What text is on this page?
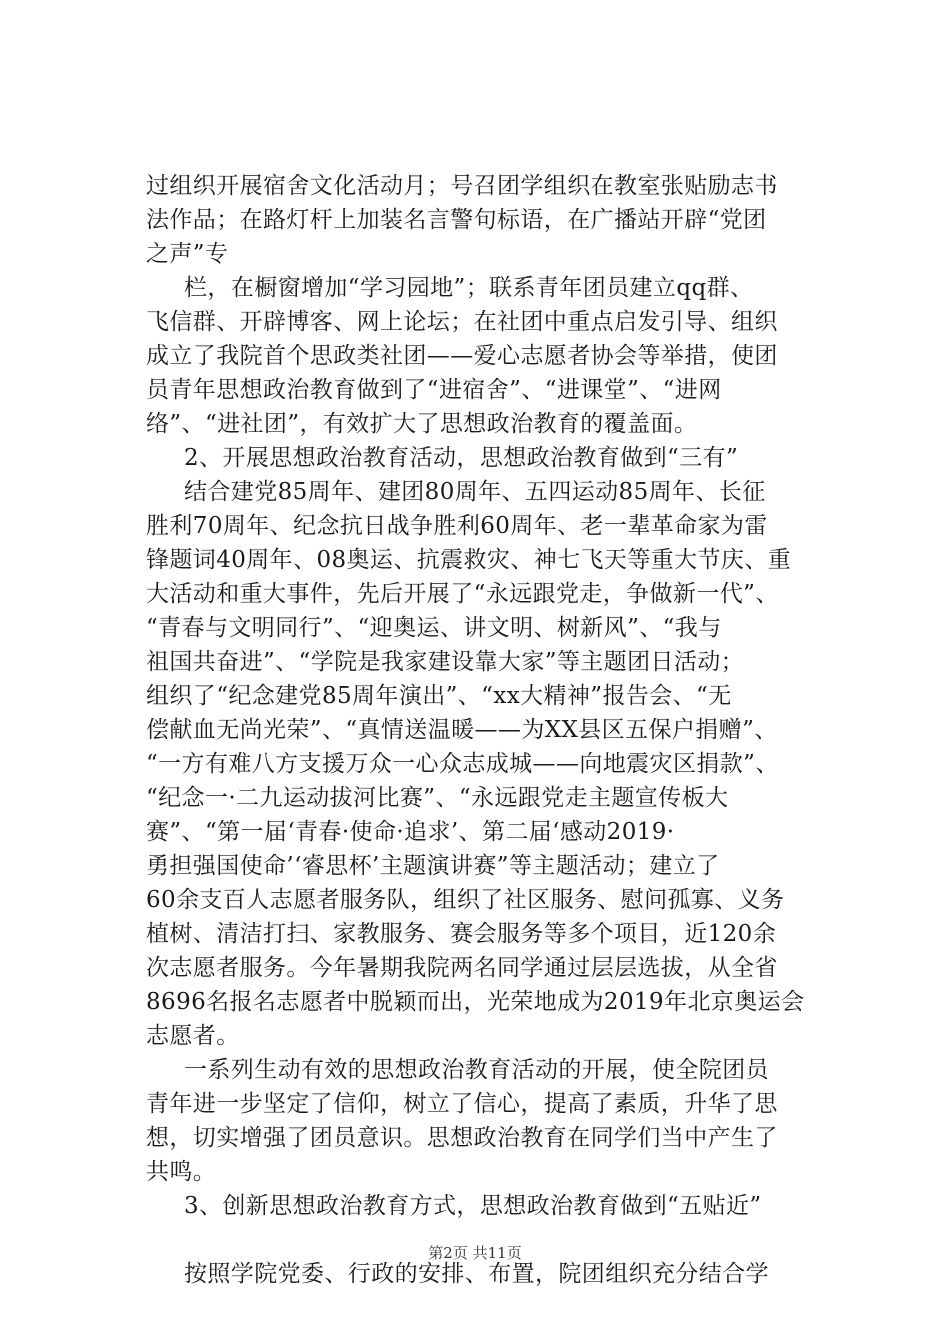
过组织开展宿舍文化活动月；号召团学组织在教室张贴励志书
法作品；在路灯杆上加装名言警句标语，在广播站开辟“党团
之声”专
栏，在橱窗增加“学习园地”；联系青年团员建立qq群、
飞信群、开辟博客、网上论坛；在社团中重点启发引导、组织
成立了我院首个思政类社团——爱心志愿者协会等举措，使团
员青年思想政治教育做到了“进宿舍”、“进课堂”、“进网
络”、“进社团”，有效扩大了思想政治教育的覆盖面。
2、开展思想政治教育活动，思想政治教育做到“三有”
结合建党85周年、建团80周年、五四运动85周年、长征
胜利70周年、纪念抗日战争胜利60周年、老一辈革命家为雷
锋题词40周年、08奥运、抗震救灾、神七飞天等重大节庆、重
大活动和重大事件，先后开展了“永远跟党走，争做新一代”、
“青春与文明同行”、“迎奥运、讲文明、树新风”、“我与
祖国共奋进”、“学院是我家建设靠大家”等主题团日活动；
组织了“纪念建党85周年演出”、“xx大精神”报告会、“无
偿献血无尚光荣”、“真情送温暖——为XX县区五保户捐赠”、
“一方有难八方支援万众一心众志成城——向地震灾区捐款”、
“纪念一·二九运动拔河比赛”、“永远跟党走主题宣传板大
赛”、“第一届‘青春·使命·追求’、第二届‘感动2019·
勇担强国使命’‘睿思杯’主题演讲赛”等主题活动；建立了
60余支百人志愿者服务队，组织了社区服务、慰问孤寡、义务
植树、清洁打扫、家教服务、赛会服务等多个项目，近120余
次志愿者服务。今年暑期我院两名同学通过层层选拔，从全省
8696名报名志愿者中脱颖而出，光荣地成为2019年北京奥运会
志愿者。
一系列生动有效的思想政治教育活动的开展，使全院团员
青年进一步坚定了信仰，树立了信心，提高了素质，升华了思
想，切实增强了团员意识。思想政治教育在同学们当中产生了
共鸣。
3、创新思想政治教育方式，思想政治教育做到“五贴近”
按照学院党委、行政的安排、布置，院团组织充分结合学
第2页 共11页
